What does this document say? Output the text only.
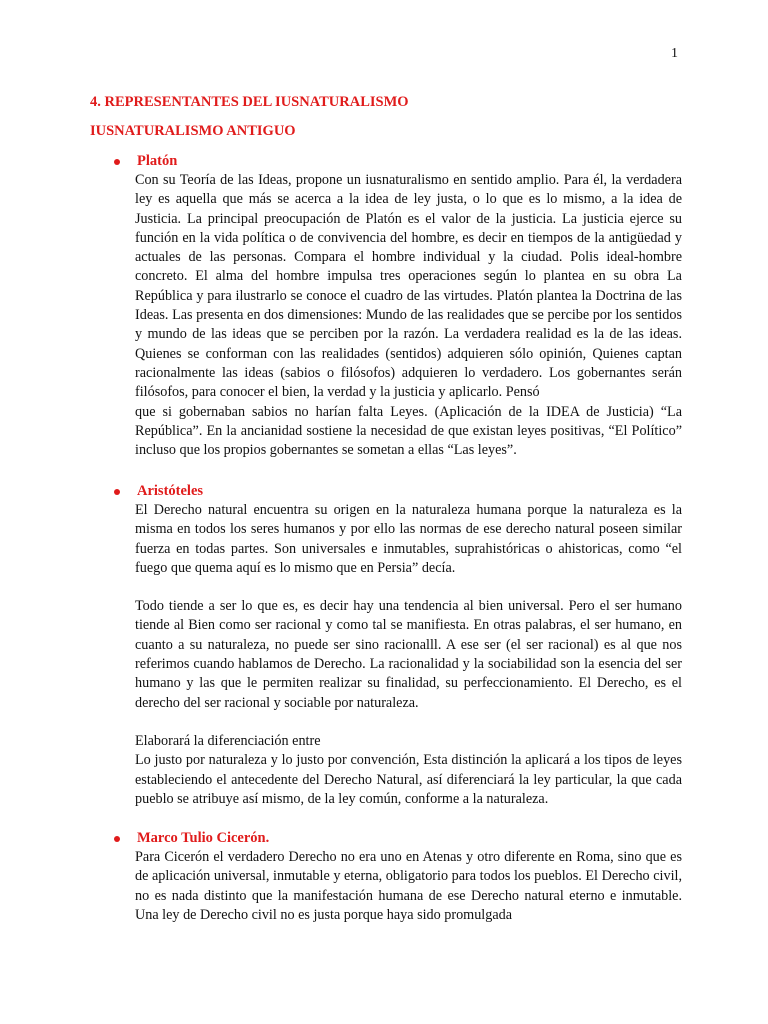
1
4. REPRESENTANTES DEL IUSNATURALISMO
IUSNATURALISMO ANTIGUO
Platón

Con su Teoría de las Ideas, propone un iusnaturalismo en sentido amplio. Para él, la verdadera ley es aquella que más se acerca a la idea de ley justa, o lo que es lo mismo, a la idea de Justicia. La principal preocupación de Platón es el valor de la justicia. La justicia ejerce su función en la vida política o de convivencia del hombre, es decir en tiempos de la antigüedad y actuales de las personas. Compara el hombre individual y la ciudad. Polis ideal-hombre concreto. El alma del hombre impulsa tres operaciones según lo plantea en su obra La República y para ilustrarlo se conoce el cuadro de las virtudes. Platón plantea la Doctrina de las Ideas. Las presenta en dos dimensiones: Mundo de las realidades que se percibe por los sentidos y mundo de las ideas que se perciben por la razón. La verdadera realidad es la de las ideas. Quienes se conforman con las realidades (sentidos) adquieren sólo opinión, Quienes captan racionalmente las ideas (sabios o filósofos) adquieren lo verdadero. Los gobernantes serán filósofos, para conocer el bien, la verdad y la justicia y aplicarlo. Pensó

que si gobernaban sabios no harían falta Leyes. (Aplicación de la IDEA de Justicia) “La República”. En la ancianidad sostiene la necesidad de que existan leyes positivas, “El Político” incluso que los propios gobernantes se sometan a ellas “Las leyes”.

Aristóteles

El Derecho natural encuentra su origen en la naturaleza humana porque la naturaleza es la misma en todos los seres humanos y por ello las normas de ese derecho natural poseen similar fuerza en todas partes. Son universales e inmutables, suprahistóricas o ahistoricas, como “el fuego que quema aquí es lo mismo que en Persia” decía.

Todo tiende a ser lo que es, es decir hay una tendencia al bien universal. Pero el ser humano tiende al Bien como ser racional y como tal se manifiesta. En otras palabras, el ser humano, en cuanto a su naturaleza, no puede ser sino racionalll. A ese ser (el ser racional) es al que nos referimos cuando hablamos de Derecho. La racionalidad y la sociabilidad son la esencia del ser humano y las que le permiten realizar su finalidad, su perfeccionamiento. El Derecho, es el derecho del ser racional y sociable por naturaleza.

Elaborará la diferenciación entre

Lo justo por naturaleza y lo justo por convención, Esta distinción la aplicará a los tipos de leyes estableciendo el antecedente del Derecho Natural, así diferenciará la ley particular, la que cada pueblo se atribuye así mismo, de la ley común, conforme a la naturaleza.

Marco Tulio Cicerón.

Para Cicerón el verdadero Derecho no era uno en Atenas y otro diferente en Roma, sino que es de aplicación universal, inmutable y eterna, obligatorio para todos los pueblos. El Derecho civil, no es nada distinto que la manifestación humana de ese Derecho natural eterno e inmutable. Una ley de Derecho civil no es justa porque haya sido promulgada
